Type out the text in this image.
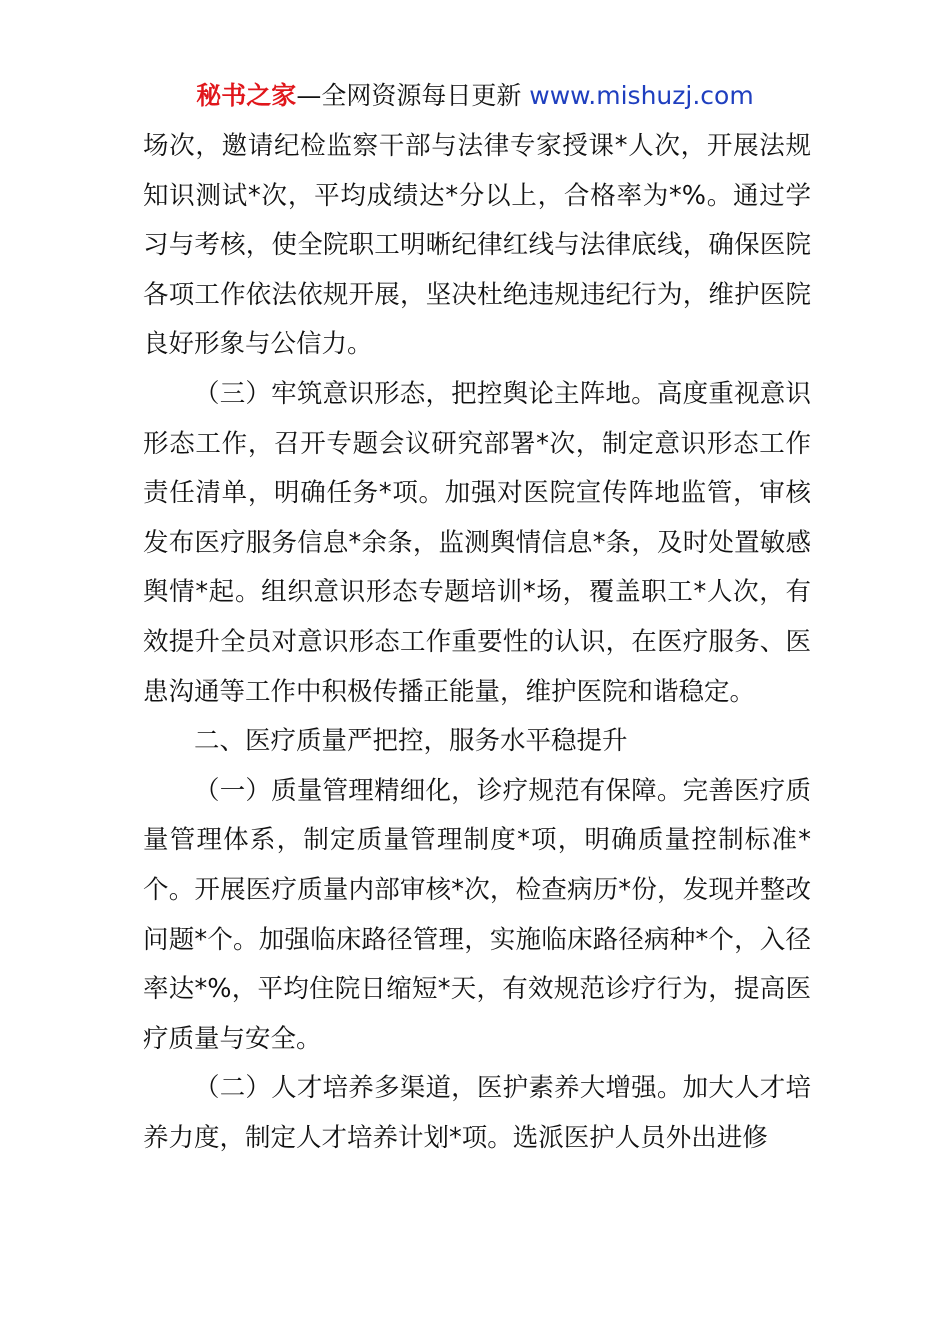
秘书之家—全网资源每日更新 www.mishuzj.com

场次，邀请纪检监察干部与法律专家授课*人次，开展法规知识测试*次，平均成绩达*分以上，合格率为*%。通过学习与考核，使全院职工明晰纪律红线与法律底线，确保医院各项工作依法依规开展，坚决杜绝违规违纪行为，维护医院良好形象与公信力。

（三）牢筑意识形态，把控舆论主阵地。高度重视意识形态工作，召开专题会议研究部署*次，制定意识形态工作责任清单，明确任务*项。加强对医院宣传阵地监管，审核发布医疗服务信息*余条，监测舆情信息*条，及时处置敏感舆情*起。组织意识形态专题培训*场，覆盖职工*人次，有效提升全员对意识形态工作重要性的认识，在医疗服务、医患沟通等工作中积极传播正能量，维护医院和谐稳定。

二、医疗质量严把控，服务水平稳提升

（一）质量管理精细化，诊疗规范有保障。完善医疗质量管理体系，制定质量管理制度*项，明确质量控制标准*个。开展医疗质量内部审核*次，检查病历*份，发现并整改问题*个。加强临床路径管理，实施临床路径病种*个，入径率达*%，平均住院日缩短*天，有效规范诊疗行为，提高医疗质量与安全。

（二）人才培养多渠道，医护素养大增强。加大人才培养力度，制定人才培养计划*项。选派医护人员外出进修
